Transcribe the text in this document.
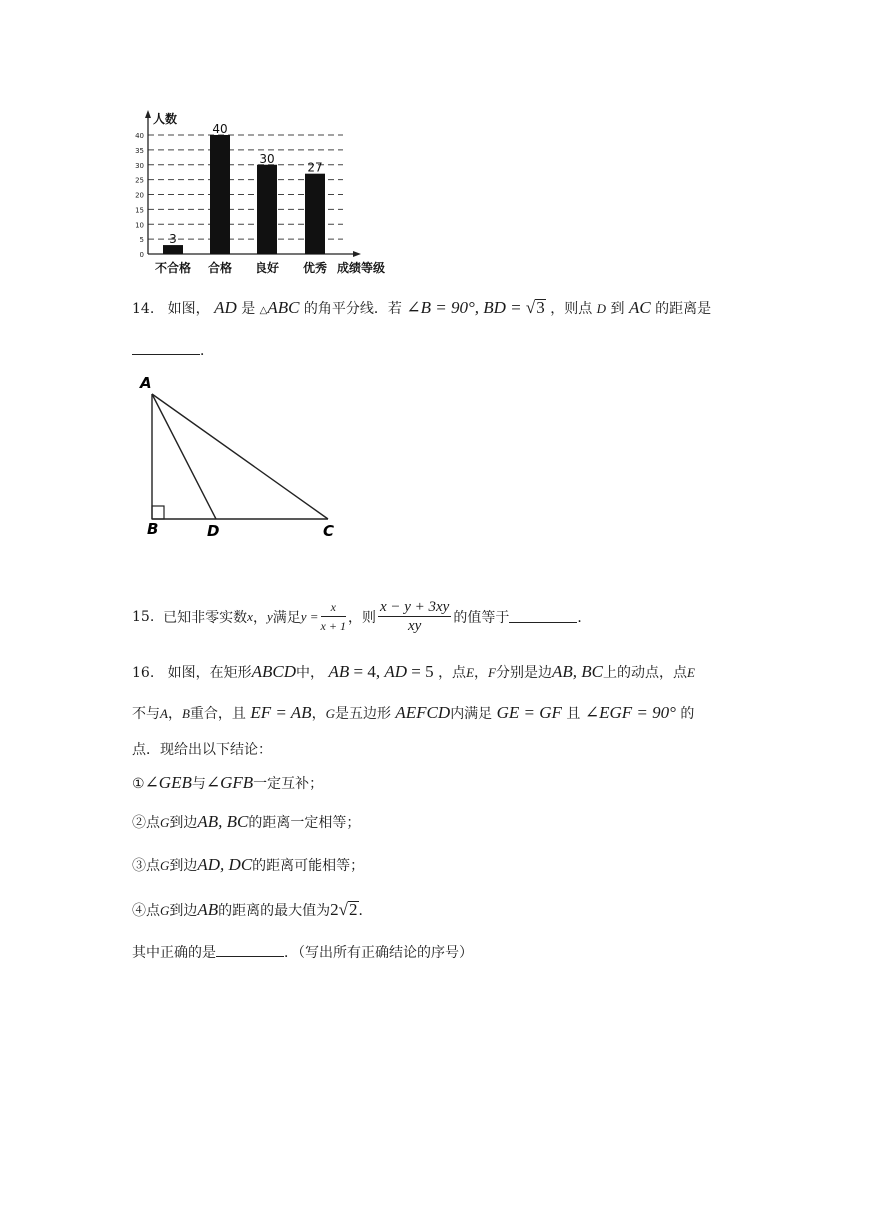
0
5
10
15
20
25
30
35
40
人数
成绩等级
3
不合格
40
合格
30
良好
27
优秀
14. 如图， AD 是 △ABC 的角平分线．若 ∠B = 90°, BD = √3 ，则点 D 到 AC 的距离是
．
A
B	D	C
15.
已知非零实数 x ， y 满足 $y = \frac{x}{x + 1}$ ，则 $\frac{x - y + 3xy}{xy}$ 的值等于	．
16. 如图，在矩形ABCD中， AB = 4, AD = 5 ，点E，F分别是边AB, BC上的动点，点E
不与A，B重合，且 EF = AB，G是五边形 AEFCD内满足 GE = GF 且 ∠EGF = 90° 的
点．现给出以下结论：
①∠GEB与∠GFB一定互补；
②点G到边AB, BC的距离一定相等；
③点G到边AD, DC的距离可能相等；
④点G到边AB的距离的最大值为2√2．
其中正确的是	．（写出所有正确结论的序号）
